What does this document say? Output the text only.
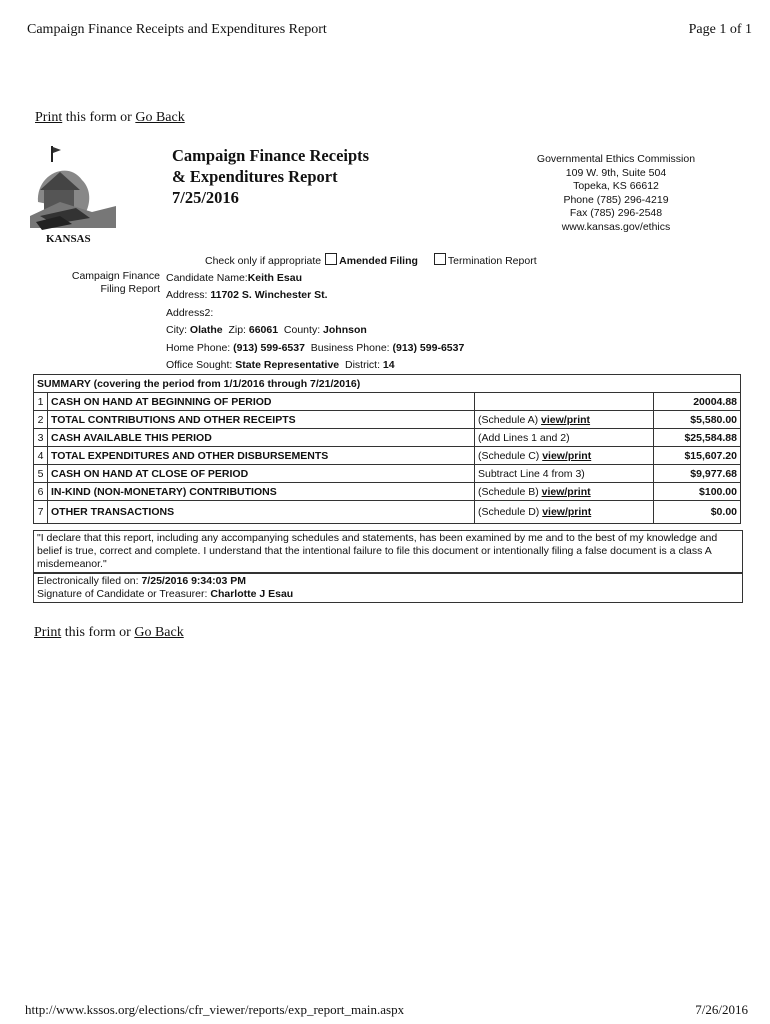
Campaign Finance Receipts and Expenditures Report	Page 1 of 1
Print this form or Go Back
KANSAS
Campaign Finance Receipts
& Expenditures Report
7/25/2016
Governmental Ethics Commission
109 W. 9th, Suite 504
Topeka, KS 66612
Phone (785) 296-4219
Fax (785) 296-2548
www.kansas.gov/ethics
Check only if appropriate Amended Filing	Termination Report
Campaign Finance
Filing Report
Candidate Name:Keith Esau
Address: 11702 S. Winchester St.
Address2:
City: Olathe Zip: 66061 County: Johnson
Home Phone: (913) 599-6537 Business Phone: (913) 599-6537
Office Sought: State Representative District: 14
SUMMARY (covering the period from 1/1/2016 through 7/21/2016)			
1	CASH ON HAND AT BEGINNING OF PERIOD		20004.88
2	TOTAL CONTRIBUTIONS AND OTHER RECEIPTS	(Schedule A) view/print	$5,580.00
3	CASH AVAILABLE THIS PERIOD	(Add Lines 1 and 2)	$25,584.88
4	TOTAL EXPENDITURES AND OTHER DISBURSEMENTS	(Schedule C) view/print	$15,607.20
5	CASH ON HAND AT CLOSE OF PERIOD	Subtract Line 4 from 3)	$9,977.68
6	IN-KIND (NON-MONETARY) CONTRIBUTIONS	(Schedule B) view/print	$100.00
7	OTHER TRANSACTIONS	(Schedule D) view/print	$0.00
"I declare that this report, including any accompanying schedules and statements, has been examined by me and to the best of my knowledge and belief is true, correct and complete. I understand that the intentional failure to file this document or intentionally filing a false document is a class A misdemeanor."
Electronically filed on: 7/25/2016 9:34:03 PM
Signature of Candidate or Treasurer: Charlotte J Esau
Print this form or Go Back
http://www.kssos.org/elections/cfr_viewer/reports/exp_report_main.aspx	7/26/2016
